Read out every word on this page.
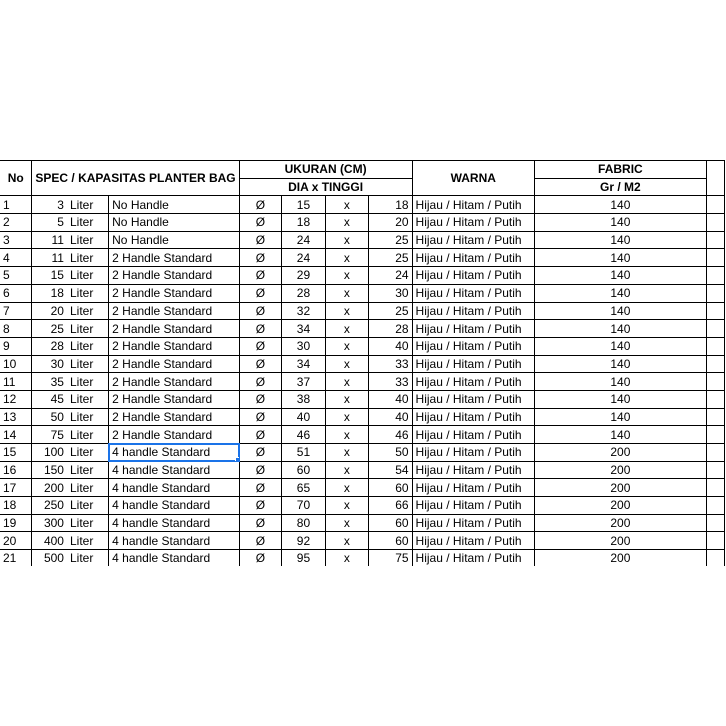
No	SPEC / KAPASITAS PLANTER BAG			UKURAN (CM)				WARNA	FABRIC	
				DIA x TINGGI					Gr / M2	
1	3	Liter	No Handle	Ø	15	x	18	Hijau / Hitam / Putih	140	
2	5	Liter	No Handle	Ø	18	x	20	Hijau / Hitam / Putih	140	
3	11	Liter	No Handle	Ø	24	x	25	Hijau / Hitam / Putih	140	
4	11	Liter	2 Handle Standard	Ø	24	x	25	Hijau / Hitam / Putih	140	
5	15	Liter	2 Handle Standard	Ø	29	x	24	Hijau / Hitam / Putih	140	
6	18	Liter	2 Handle Standard	Ø	28	x	30	Hijau / Hitam / Putih	140	
7	20	Liter	2 Handle Standard	Ø	32	x	25	Hijau / Hitam / Putih	140	
8	25	Liter	2 Handle Standard	Ø	34	x	28	Hijau / Hitam / Putih	140	
9	28	Liter	2 Handle Standard	Ø	30	x	40	Hijau / Hitam / Putih	140	
10	30	Liter	2 Handle Standard	Ø	34	x	33	Hijau / Hitam / Putih	140	
11	35	Liter	2 Handle Standard	Ø	37	x	33	Hijau / Hitam / Putih	140	
12	45	Liter	2 Handle Standard	Ø	38	x	40	Hijau / Hitam / Putih	140	
13	50	Liter	2 Handle Standard	Ø	40	x	40	Hijau / Hitam / Putih	140	
14	75	Liter	2 Handle Standard	Ø	46	x	46	Hijau / Hitam / Putih	140	
15	100	Liter	4 handle Standard	Ø	51	x	50	Hijau / Hitam / Putih	200	
16	150	Liter	4 handle Standard	Ø	60	x	54	Hijau / Hitam / Putih	200	
17	200	Liter	4 handle Standard	Ø	65	x	60	Hijau / Hitam / Putih	200	
18	250	Liter	4 handle Standard	Ø	70	x	66	Hijau / Hitam / Putih	200	
19	300	Liter	4 handle Standard	Ø	80	x	60	Hijau / Hitam / Putih	200	
20	400	Liter	4 handle Standard	Ø	92	x	60	Hijau / Hitam / Putih	200	
21	500	Liter	4 handle Standard	Ø	95	x	75	Hijau / Hitam / Putih	200	
